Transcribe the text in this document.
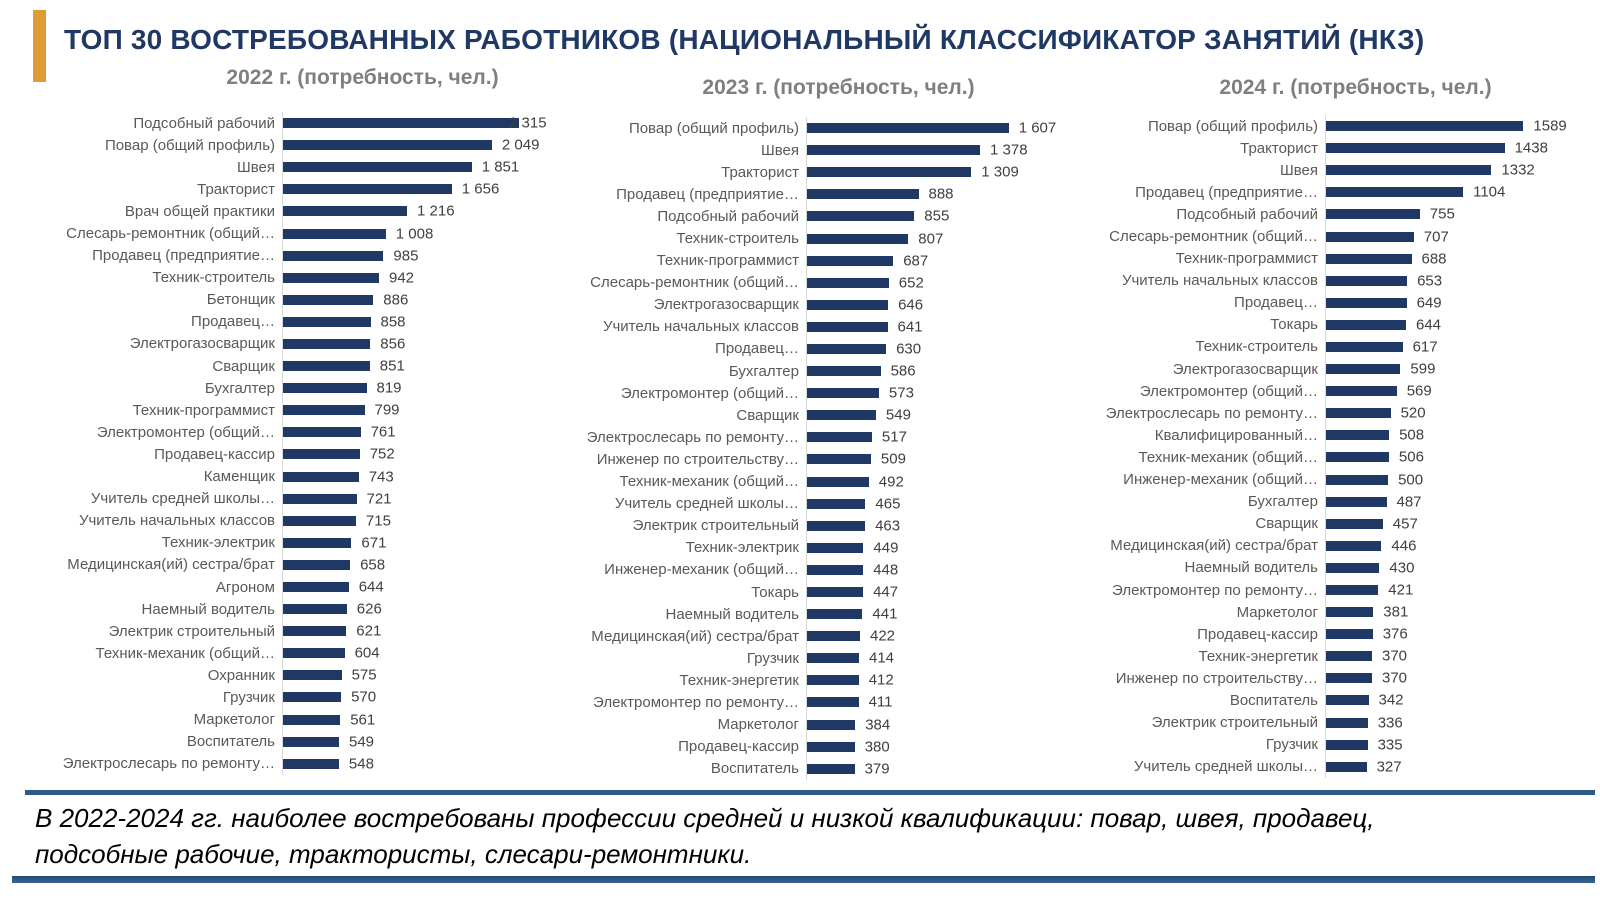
ТОП 30 ВОСТРЕБОВАННЫХ РАБОТНИКОВ (НАЦИОНАЛЬНЫЙ КЛАССИФИКАТОР ЗАНЯТИЙ (НКЗ)
2022 г. (потребность, чел.)
Подсобный рабочий	2 315
Повар (общий профиль)	2 049
Швея	1 851
Тракторист	1 656
Врач общей практики	1 216
Слесарь-ремонтник (общий…	1 008
Продавец (предприятие…	985
Техник-строитель	942
Бетонщик	886
Продавец…	858
Электрогазосварщик	856
Сварщик	851
Бухгалтер	819
Техник-программист	799
Электромонтер (общий…	761
Продавец-кассир	752
Каменщик	743
Учитель средней школы…	721
Учитель начальных классов	715
Техник-электрик	671
Медицинская(ий) сестра/брат	658
Агроном	644
Наемный водитель	626
Электрик строительный	621
Техник-механик (общий…	604
Охранник	575
Грузчик	570
Маркетолог	561
Воспитатель	549
Электрослесарь по ремонту…	548
2023 г. (потребность, чел.)
Повар (общий профиль)	1 607
Швея	1 378
Тракторист	1 309
Продавец (предприятие…	888
Подсобный рабочий	855
Техник-строитель	807
Техник-программист	687
Слесарь-ремонтник (общий…	652
Электрогазосварщик	646
Учитель начальных классов	641
Продавец…	630
Бухгалтер	586
Электромонтер (общий…	573
Сварщик	549
Электрослесарь по ремонту…	517
Инженер по строительству…	509
Техник-механик (общий…	492
Учитель средней школы…	465
Электрик строительный	463
Техник-электрик	449
Инженер-механик (общий…	448
Токарь	447
Наемный водитель	441
Медицинская(ий) сестра/брат	422
Грузчик	414
Техник-энергетик	412
Электромонтер по ремонту…	411
Маркетолог	384
Продавец-кассир	380
Воспитатель	379
2024 г. (потребность, чел.)
Повар (общий профиль)	1589
Тракторист	1438
Швея	1332
Продавец (предприятие…	1104
Подсобный рабочий	755
Слесарь-ремонтник (общий…	707
Техник-программист	688
Учитель начальных классов	653
Продавец…	649
Токарь	644
Техник-строитель	617
Электрогазосварщик	599
Электромонтер (общий…	569
Электрослесарь по ремонту…	520
Квалифицированный…	508
Техник-механик (общий…	506
Инженер-механик (общий…	500
Бухгалтер	487
Сварщик	457
Медицинская(ий) сестра/брат	446
Наемный водитель	430
Электромонтер по ремонту…	421
Маркетолог	381
Продавец-кассир	376
Техник-энергетик	370
Инженер по строительству…	370
Воспитатель	342
Электрик строительный	336
Грузчик	335
Учитель средней школы…	327

В 2022-2024 гг. наиболее востребованы профессии средней и низкой квалификации: повар, швея, продавец,
подсобные рабочие, трактористы, слесари-ремонтники.
